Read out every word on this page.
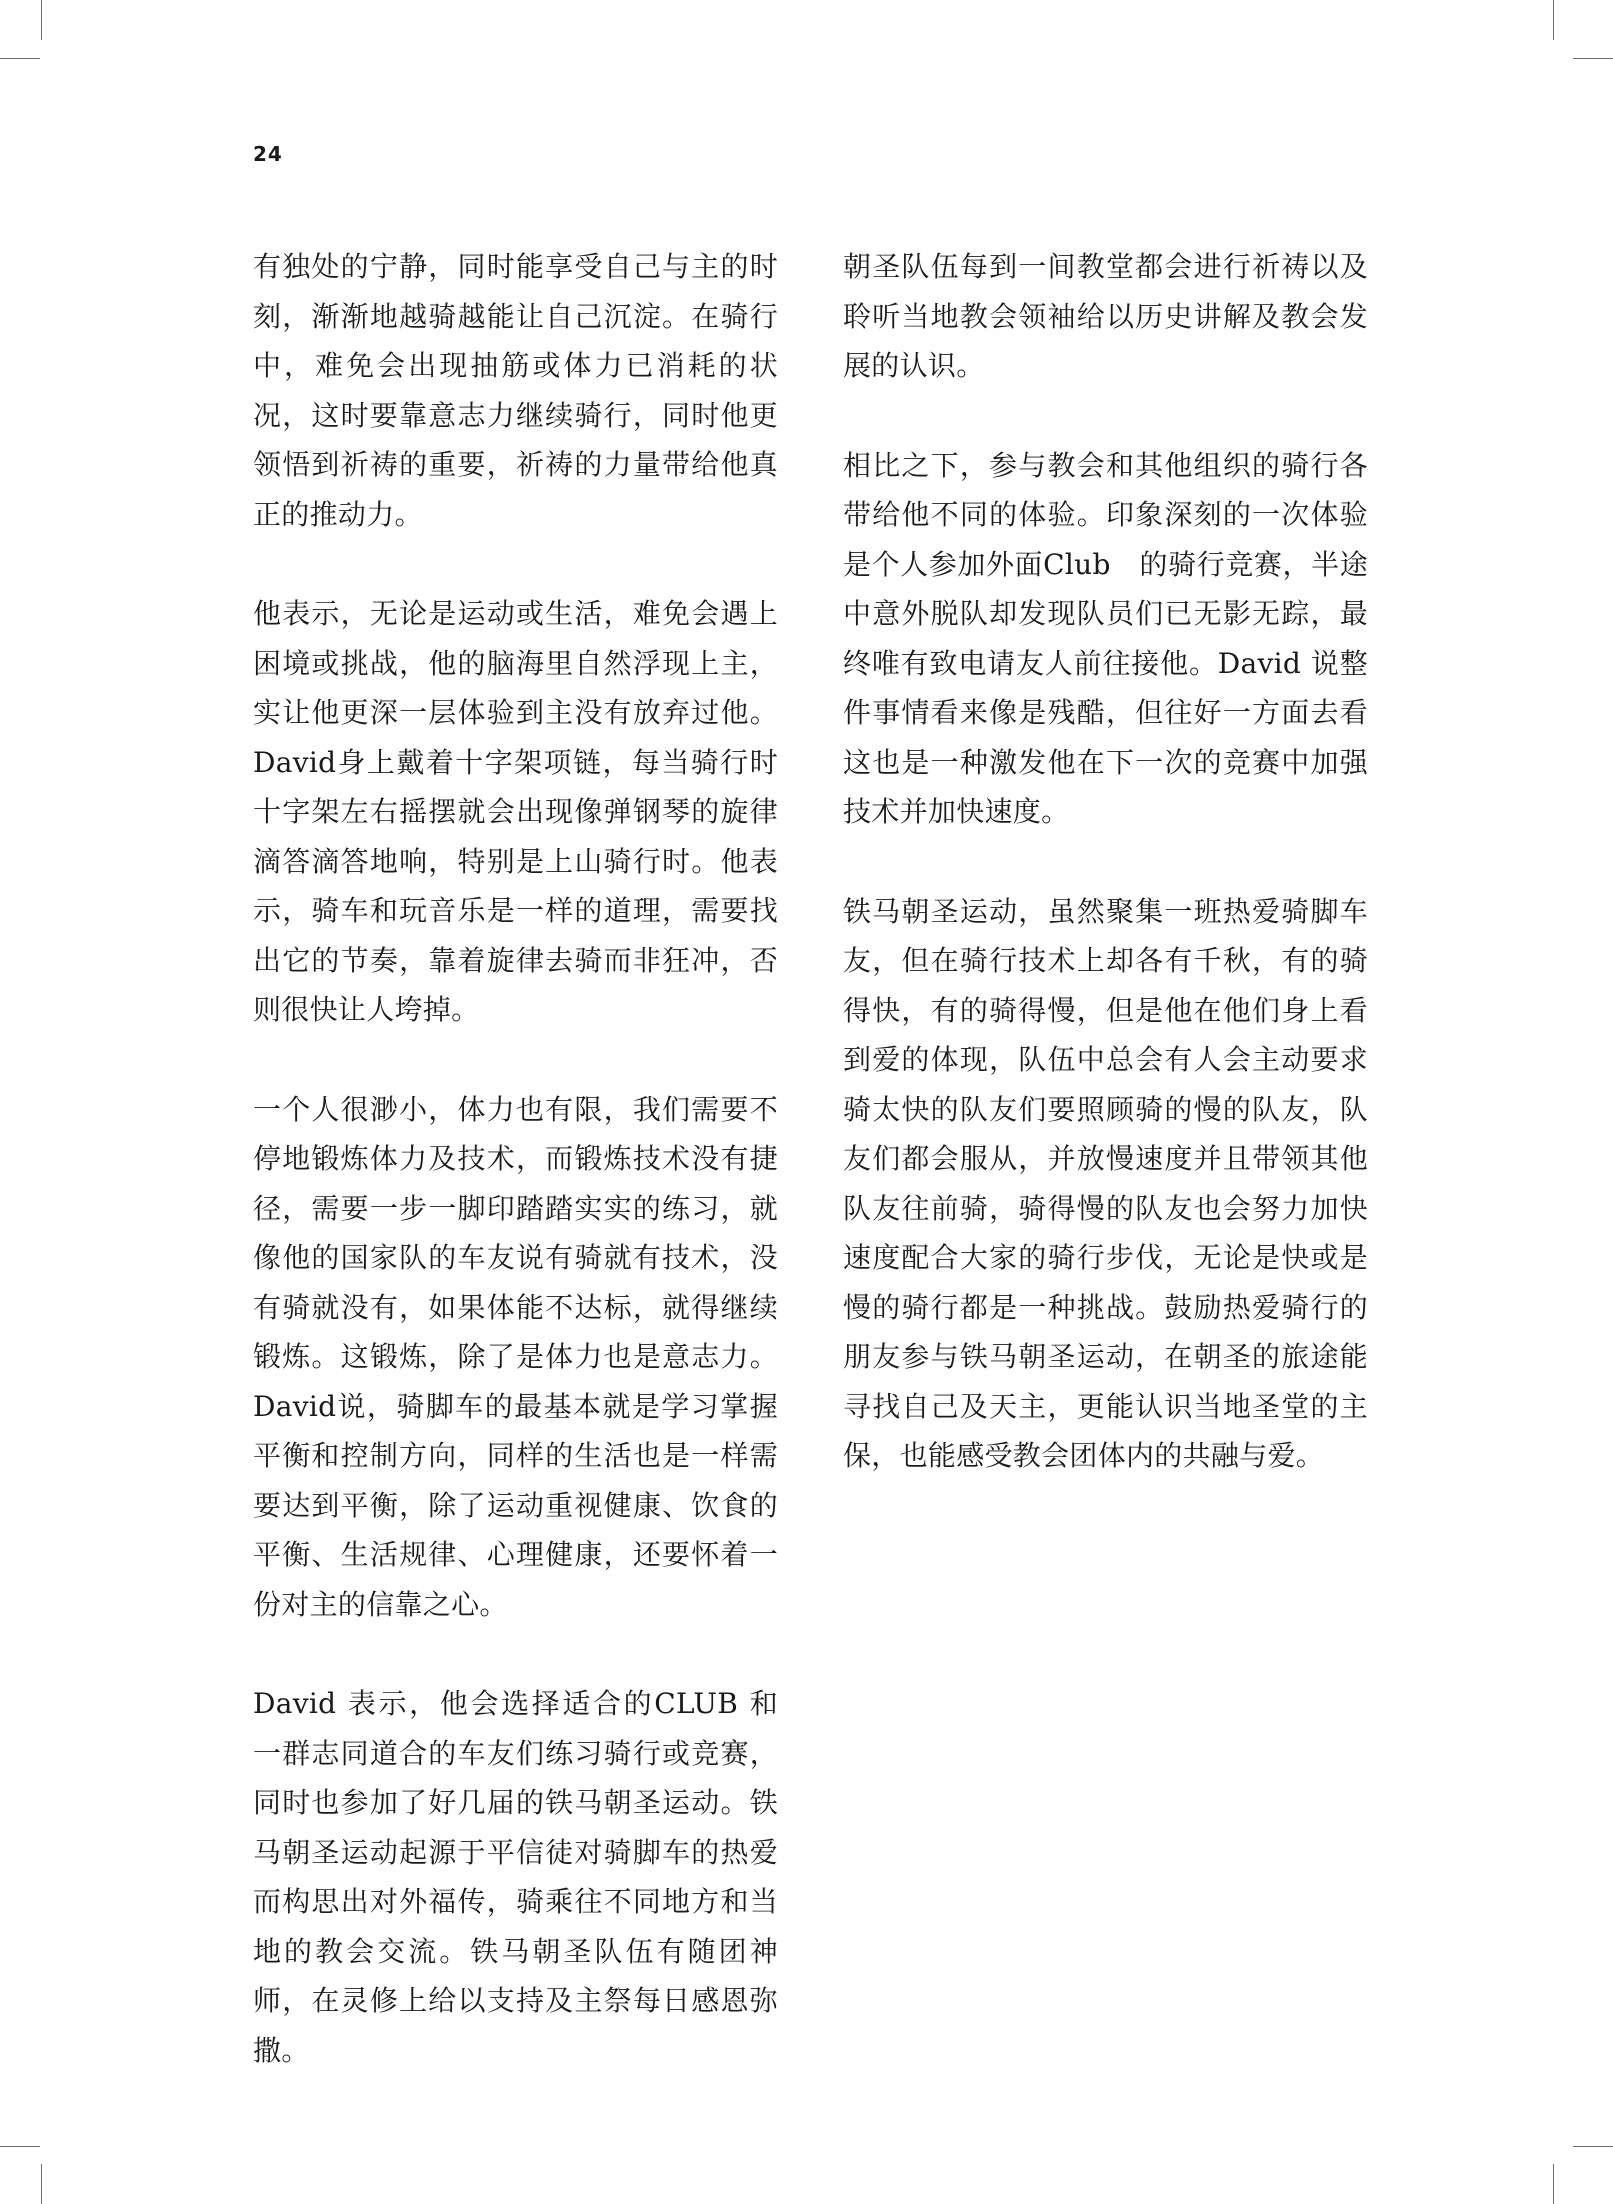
24

有独处的宁静，同时能享受自己与主的时刻，渐渐地越骑越能让自己沉淀。在骑行中，难免会出现抽筋或体力已消耗的状况，这时要靠意志力继续骑行，同时他更领悟到祈祷的重要，祈祷的力量带给他真正的推动力。

他表示，无论是运动或生活，难免会遇上困境或挑战，他的脑海里自然浮现上主，实让他更深一层体验到主没有放弃过他。David身上戴着十字架项链，每当骑行时十字架左右摇摆就会出现像弹钢琴的旋律滴答滴答地响，特别是上山骑行时。他表示，骑车和玩音乐是一样的道理，需要找出它的节奏，靠着旋律去骑而非狂冲，否则很快让人垮掉。

一个人很渺小，体力也有限，我们需要不停地锻炼体力及技术，而锻炼技术没有捷径，需要一步一脚印踏踏实实的练习，就像他的国家队的车友说有骑就有技术，没有骑就没有，如果体能不达标，就得继续锻炼。这锻炼，除了是体力也是意志力。David说，骑脚车的最基本就是学习掌握平衡和控制方向，同样的生活也是一样需要达到平衡，除了运动重视健康、饮食的平衡、生活规律、心理健康，还要怀着一份对主的信靠之心。

David 表示，他会选择适合的CLUB 和一群志同道合的车友们练习骑行或竞赛，同时也参加了好几届的铁马朝圣运动。铁马朝圣运动起源于平信徒对骑脚车的热爱而构思出对外福传，骑乘往不同地方和当地的教会交流。铁马朝圣队伍有随团神师，在灵修上给以支持及主祭每日感恩弥撒。

朝圣队伍每到一间教堂都会进行祈祷以及聆听当地教会领袖给以历史讲解及教会发展的认识。

相比之下，参与教会和其他组织的骑行各带给他不同的体验。印象深刻的一次体验是个人参加外面Club　的骑行竞赛，半途中意外脱队却发现队员们已无影无踪，最终唯有致电请友人前往接他。David 说整件事情看来像是残酷，但往好一方面去看这也是一种激发他在下一次的竞赛中加强技术并加快速度。

铁马朝圣运动，虽然聚集一班热爱骑脚车友，但在骑行技术上却各有千秋，有的骑得快，有的骑得慢，但是他在他们身上看到爱的体现，队伍中总会有人会主动要求骑太快的队友们要照顾骑的慢的队友，队友们都会服从，并放慢速度并且带领其他队友往前骑，骑得慢的队友也会努力加快速度配合大家的骑行步伐，无论是快或是慢的骑行都是一种挑战。鼓励热爱骑行的朋友参与铁马朝圣运动，在朝圣的旅途能寻找自己及天主，更能认识当地圣堂的主保，也能感受教会团体内的共融与爱。
